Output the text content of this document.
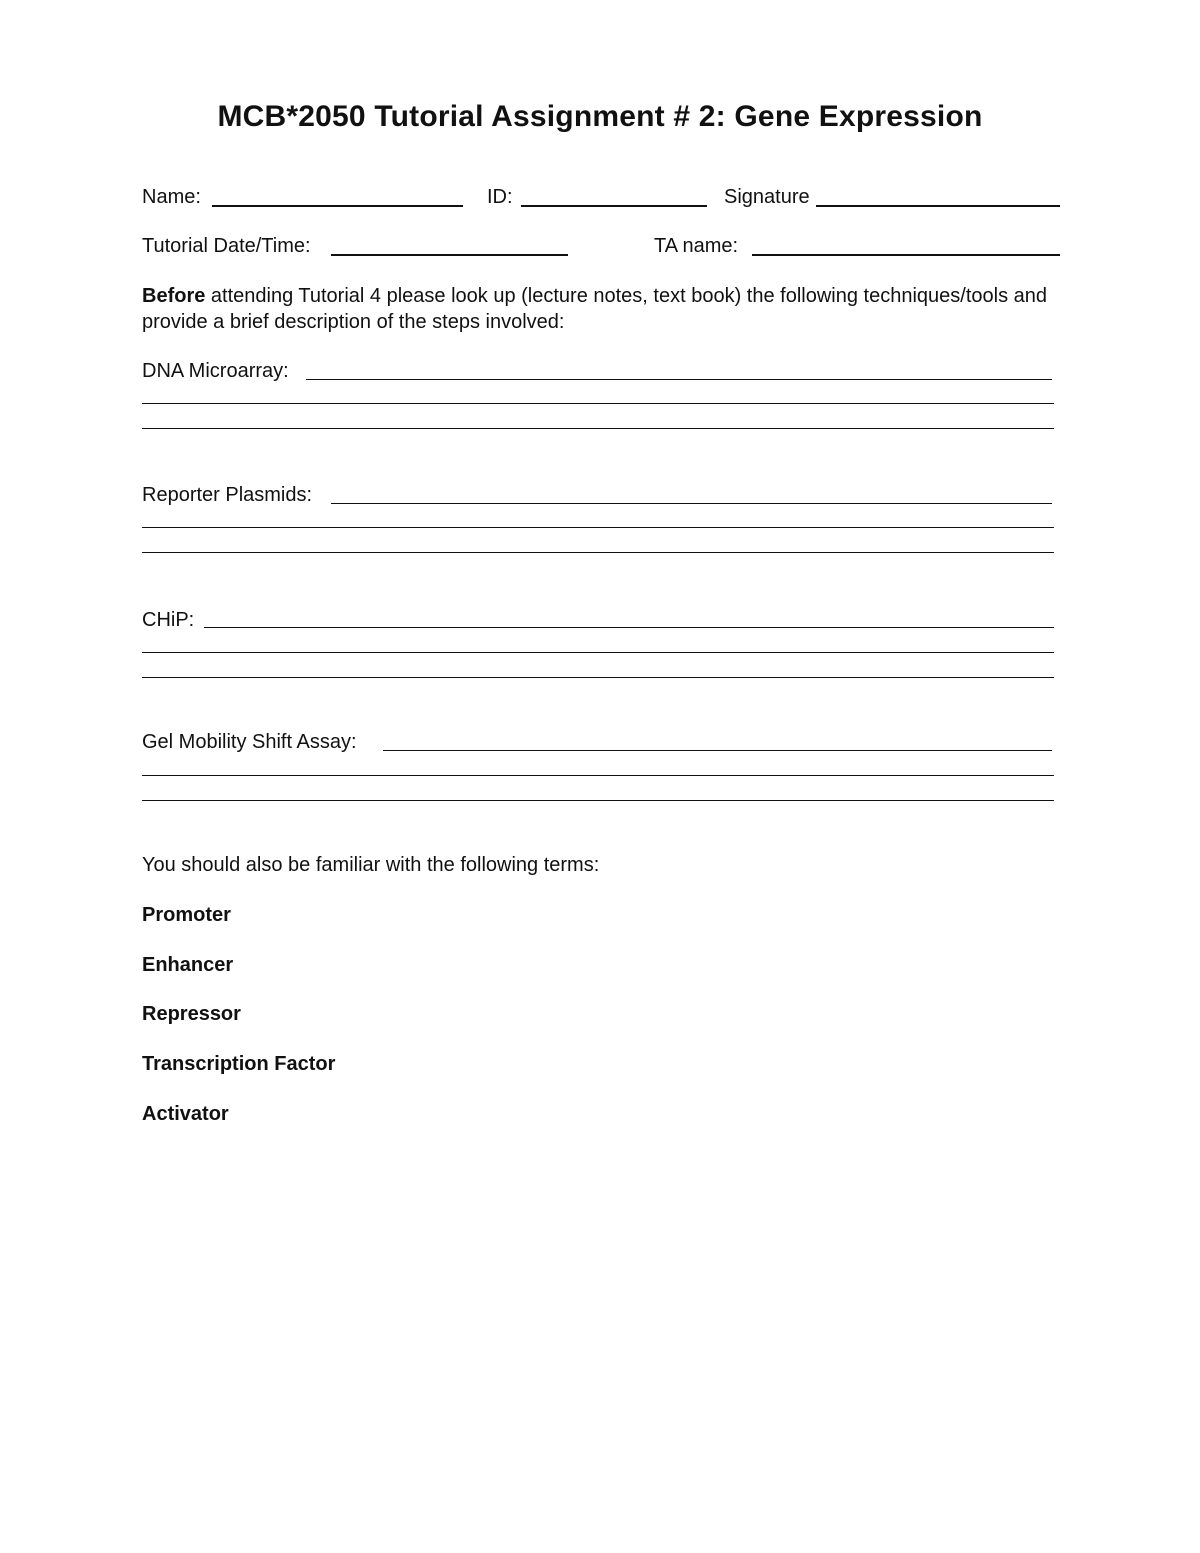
MCB*2050 Tutorial Assignment # 2: Gene Expression
Name:	ID:	Signature
Tutorial Date/Time:	TA name:
Before attending Tutorial 4 please look up (lecture notes, text book) the following techniques/tools and provide a brief description of the steps involved:
DNA Microarray:
Reporter Plasmids:
CHiP:
Gel Mobility Shift Assay:
You should also be familiar with the following terms:
Promoter
Enhancer
Repressor
Transcription Factor
Activator
